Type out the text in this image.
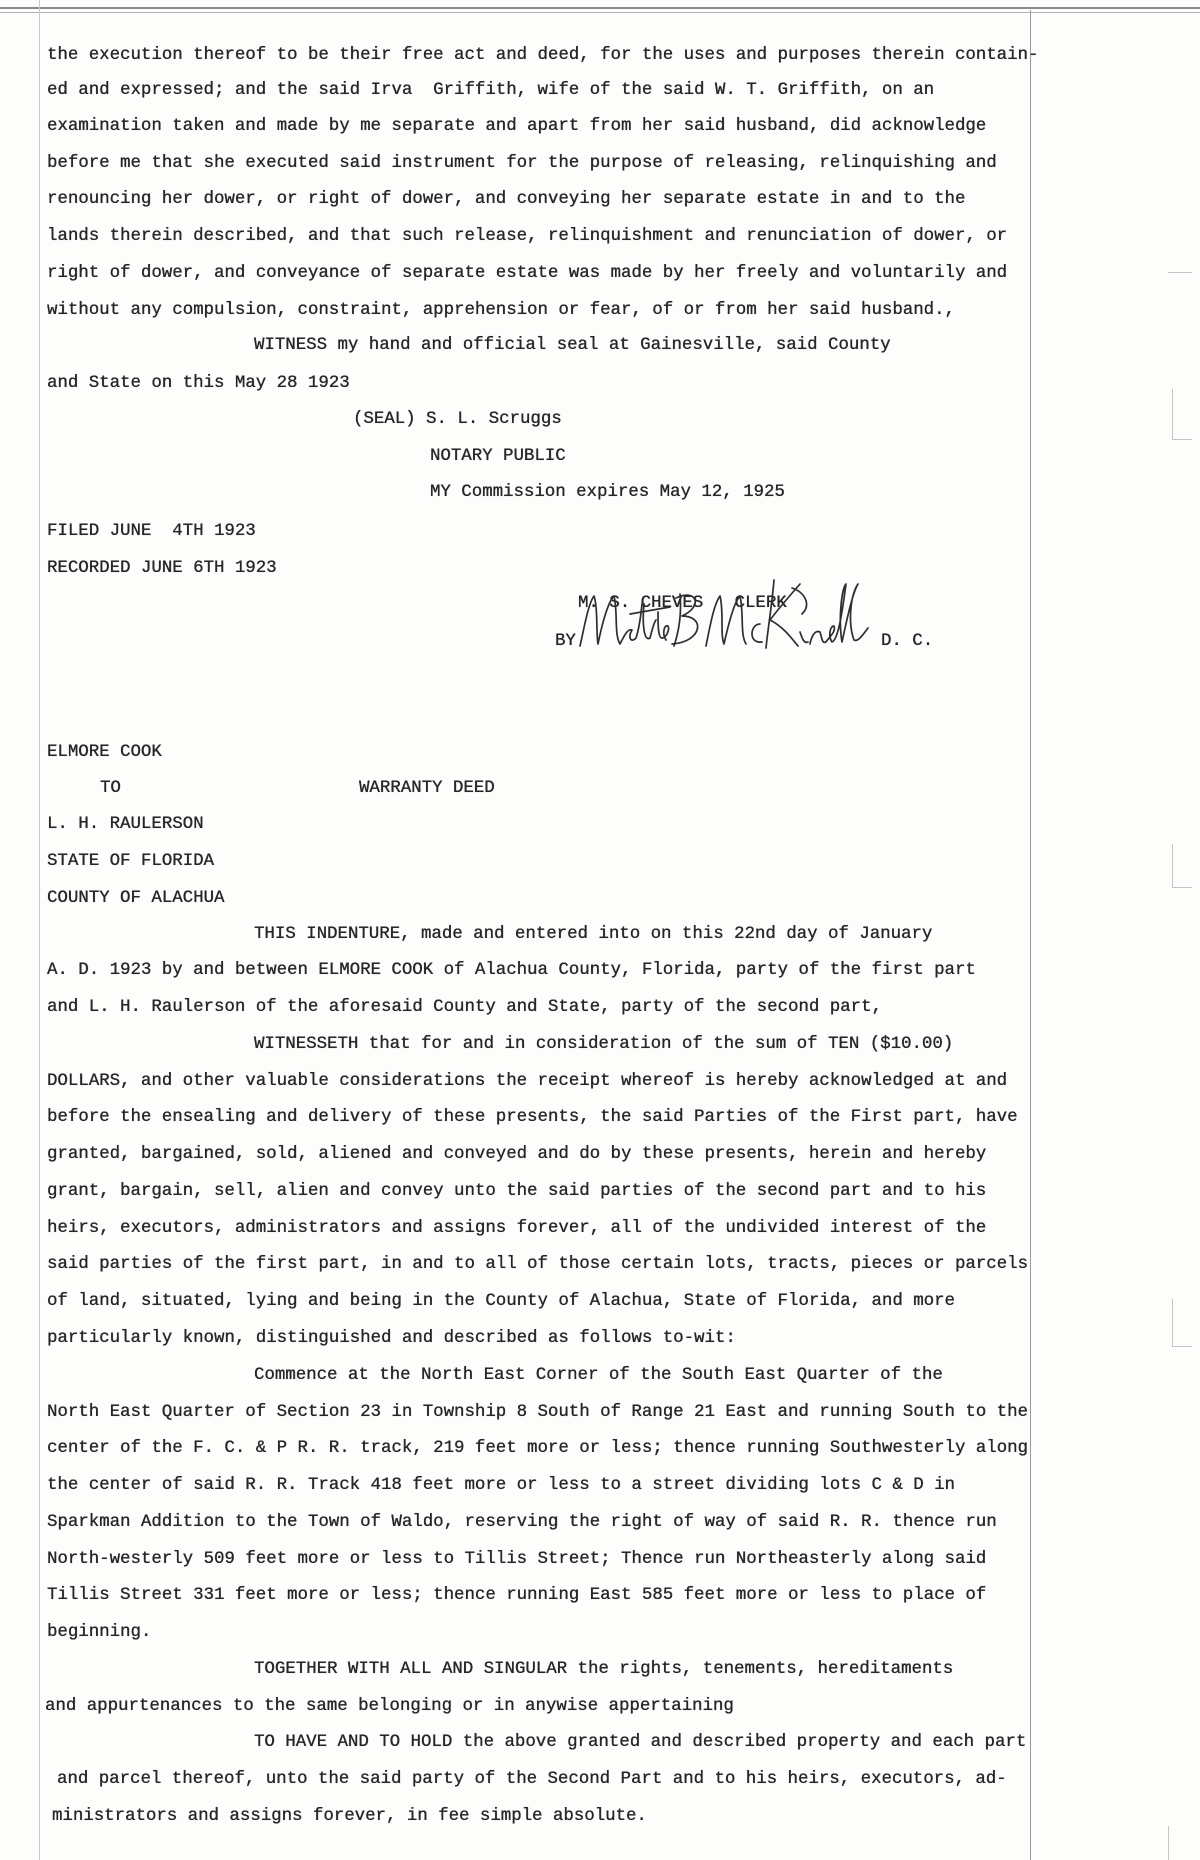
the execution thereof to be their free act and deed, for the uses and purposes therein contain-
ed and expressed; and the said Irva  Griffith, wife of the said W. T. Griffith, on an
examination taken and made by me separate and apart from her said husband, did acknowledge
before me that she executed said instrument for the purpose of releasing, relinquishing and
renouncing her dower, or right of dower, and conveying her separate estate in and to the
lands therein described, and that such release, relinquishment and renunciation of dower, or
right of dower, and conveyance of separate estate was made by her freely and voluntarily and
without any compulsion, constraint, apprehension or fear, of or from her said husband.,
WITNESS my hand and official seal at Gainesville, said County
and State on this May 28 1923
(SEAL) S. L. Scruggs
NOTARY PUBLIC
MY Commission expires May 12, 1925
FILED JUNE  4TH 1923
RECORDED JUNE 6TH 1923
M. S. CHEVES   CLERK
BY	D. C.
ELMORE COOK
TO	WARRANTY DEED
L. H. RAULERSON
STATE OF FLORIDA
COUNTY OF ALACHUA
THIS INDENTURE, made and entered into on this 22nd day of January
A. D. 1923 by and between ELMORE COOK of Alachua County, Florida, party of the first part
and L. H. Raulerson of the aforesaid County and State, party of the second part,
WITNESSETH that for and in consideration of the sum of TEN ($10.00)
DOLLARS, and other valuable considerations the receipt whereof is hereby acknowledged at and
before the ensealing and delivery of these presents, the said Parties of the First part, have
granted, bargained, sold, aliened and conveyed and do by these presents, herein and hereby
grant, bargain, sell, alien and convey unto the said parties of the second part and to his
heirs, executors, administrators and assigns forever, all of the undivided interest of the
said parties of the first part, in and to all of those certain lots, tracts, pieces or parcels
of land, situated, lying and being in the County of Alachua, State of Florida, and more
particularly known, distinguished and described as follows to-wit:
Commence at the North East Corner of the South East Quarter of the
North East Quarter of Section 23 in Township 8 South of Range 21 East and running South to the
center of the F. C. & P R. R. track, 219 feet more or less; thence running Southwesterly along
the center of said R. R. Track 418 feet more or less to a street dividing lots C & D in
Sparkman Addition to the Town of Waldo, reserving the right of way of said R. R. thence run
North-westerly 509 feet more or less to Tillis Street; Thence run Northeasterly along said
Tillis Street 331 feet more or less; thence running East 585 feet more or less to place of
beginning.
TOGETHER WITH ALL AND SINGULAR the rights, tenements, hereditaments
and appurtenances to the same belonging or in anywise appertaining
TO HAVE AND TO HOLD the above granted and described property and each part
and parcel thereof, unto the said party of the Second Part and to his heirs, executors, ad-
ministrators and assigns forever, in fee simple absolute.
